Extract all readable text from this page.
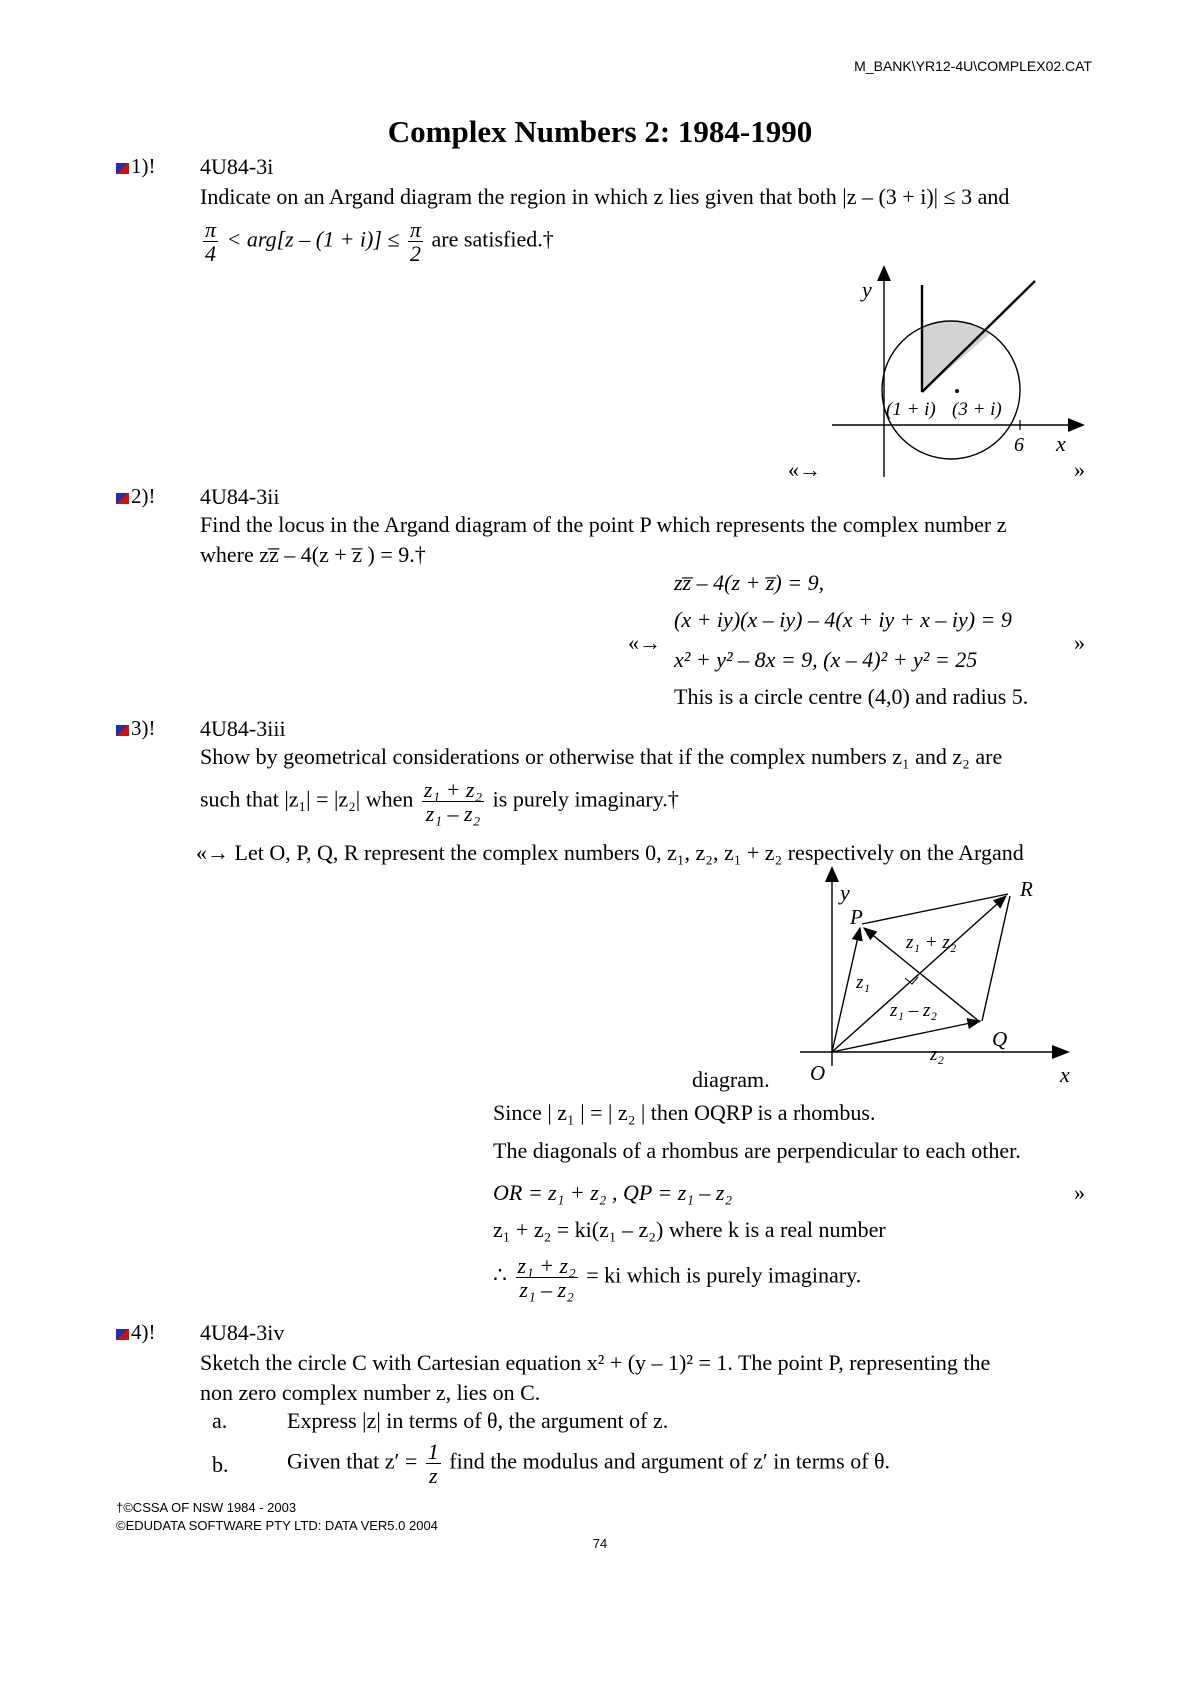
M_BANK\YR12-4U\COMPLEX02.CAT
Complex Numbers 2: 1984-1990
1)! 4U84-3i
Indicate on an Argand diagram the region in which z lies given that both |z – (3 + i)| ≤ 3 and
$\frac{\pi}{4} < arg[z - (1 + i)] \le \frac{\pi}{2}$ are satisfied.†
y
x
6
(1 + i) (3 + i)
«→	»
2)! 4U84-3ii
Find the locus in the Argand diagram of the point P which represents the complex number z
where zz̅ – 4(z + z̅ ) = 9.†
zz̅ – 4(z + z̅) = 9,
(x + iy)(x – iy) – 4(x + iy + x – iy) = 9
x² + y² – 8x = 9, (x – 4)² + y² = 25
This is a circle centre (4,0) and radius 5.
«→	»
3)! 4U84-3iii
Show by geometrical considerations or otherwise that if the complex numbers z₁ and z₂ are
such that |z₁| = |z₂| when $\frac{\text{z₁ + z₂}}{\text{z₁ – z₂}}$ is purely imaginary.†
«→ Let O, P, Q, R represent the complex numbers 0, z₁, z₂, z₁ + z₂ respectively on the Argand
y
x
O
P
Q
R
z₁
z₂
z₁ + z₂
z₁ – z₂
diagram.
Since | z₁ | = | z₂ | then OQRP is a rhombus.
The diagonals of a rhombus are perpendicular to each other.
OR = z₁ + z₂ , QP = z₁ – z₂
z₁ + z₂ = ki(z₁ – z₂) where k is a real number
∴ $\frac{\text{z₁ + z₂}}{\text{z₁ – z₂}}$ = ki which is purely imaginary.
»
4)! 4U84-3iv
Sketch the circle C with Cartesian equation x² + (y – 1)² = 1. The point P, representing the
non zero complex number z, lies on C.
a.	Express |z| in terms of θ, the argument of z.
b.	Given that $z' = \frac{1}{z}$ find the modulus and argument of z′ in terms of θ.
†©CSSA OF NSW 1984 - 2003
©EDUDATA SOFTWARE PTY LTD: DATA VER5.0 2004
74
